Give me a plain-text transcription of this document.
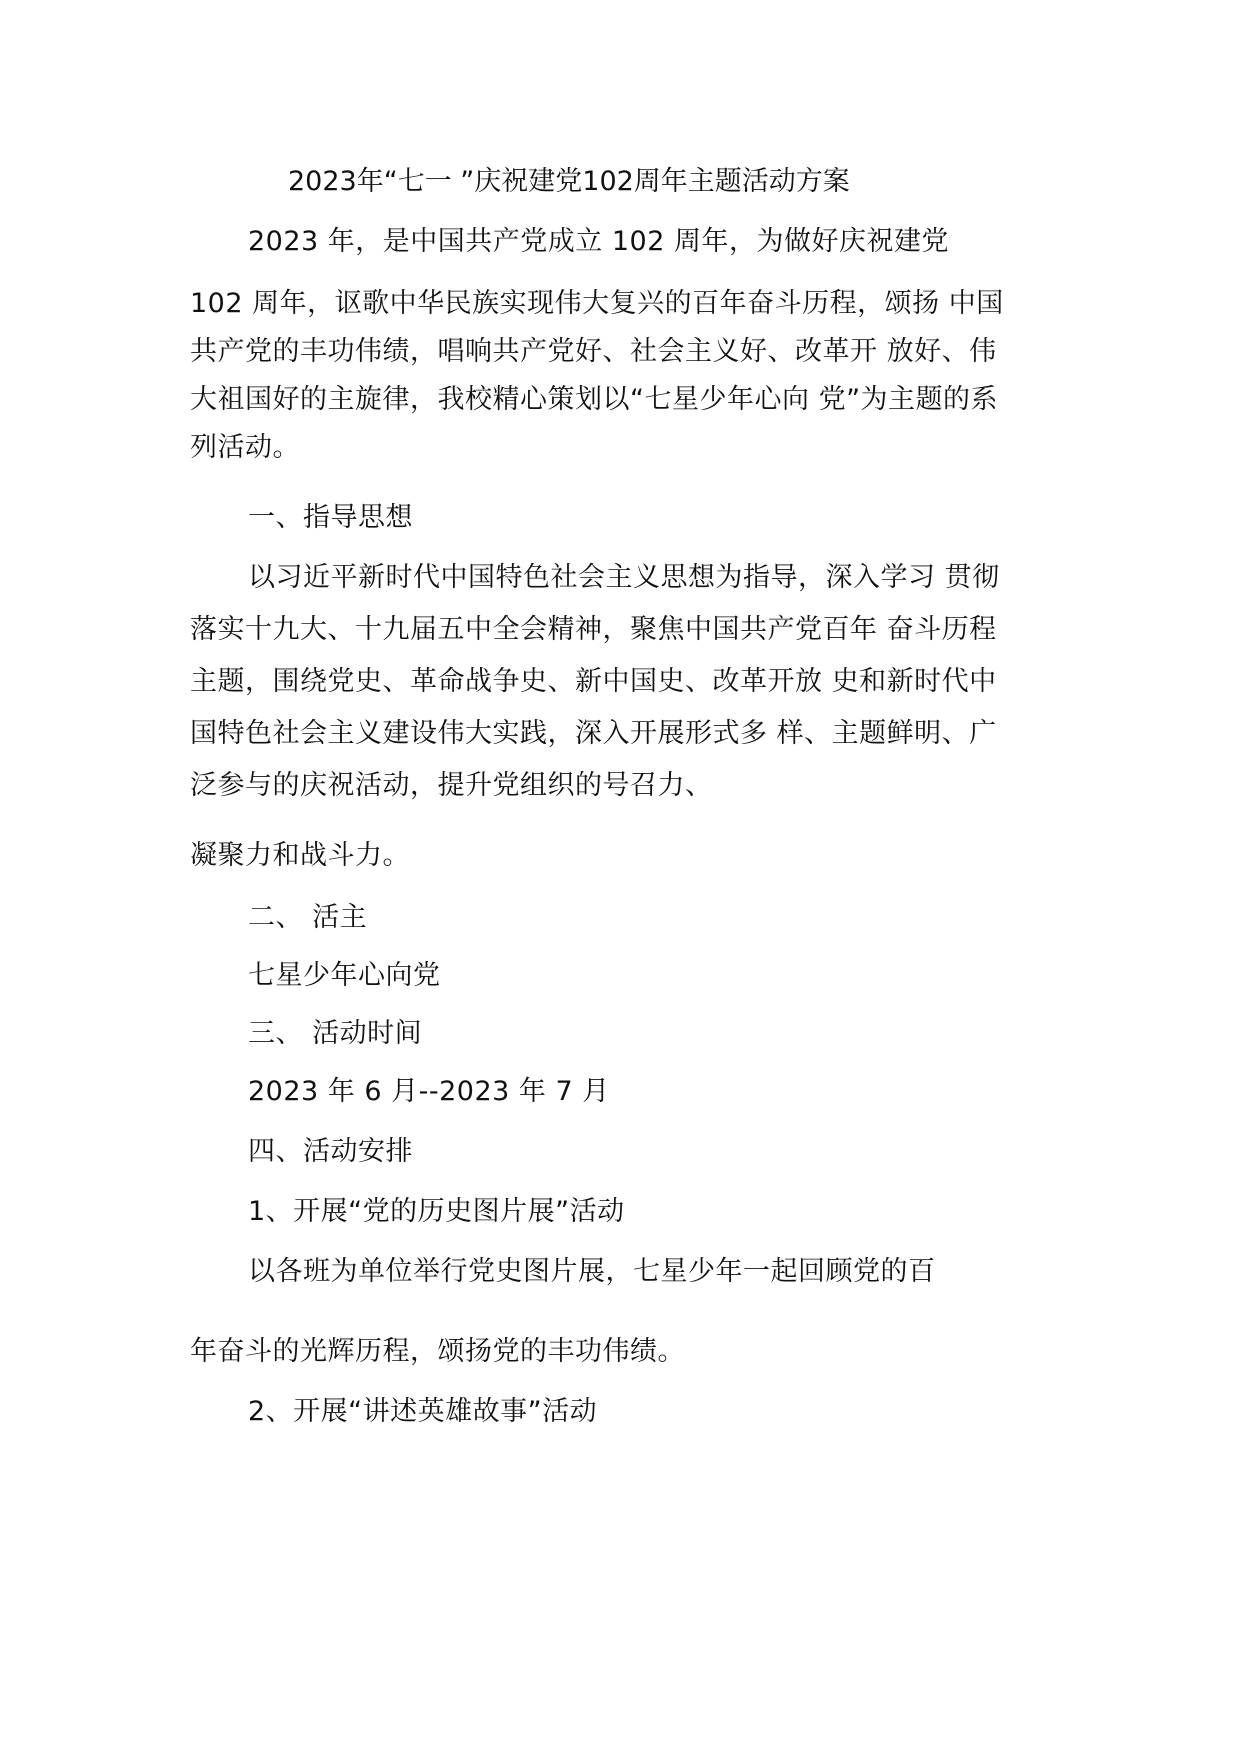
2023年“七一 ”庆祝建党102周年主题活动方案
2023 年，是中国共产党成立 102 周年，为做好庆祝建党
102 周年，讴歌中华民族实现伟大复兴的百年奋斗历程，颂扬 中国
共产党的丰功伟绩，唱响共产党好、社会主义好、改革开 放好、伟
大祖国好的主旋律，我校精心策划以“七星少年心向 党”为主题的系
列活动。
一、指导思想
以习近平新时代中国特色社会主义思想为指导，深入学习 贯彻
落实十九大、十九届五中全会精神，聚焦中国共产党百年 奋斗历程
主题，围绕党史、革命战争史、新中国史、改革开放 史和新时代中
国特色社会主义建设伟大实践，深入开展形式多 样、主题鲜明、广
泛参与的庆祝活动，提升党组织的号召力、
凝聚力和战斗力。
二、 活主
七星少年心向党
三、 活动时间
2023 年 6 月--2023 年 7 月
四、活动安排
1、开展“党的历史图片展”活动
以各班为单位举行党史图片展，七星少年一起回顾党的百
年奋斗的光辉历程，颂扬党的丰功伟绩。
2、开展“讲述英雄故事”活动
